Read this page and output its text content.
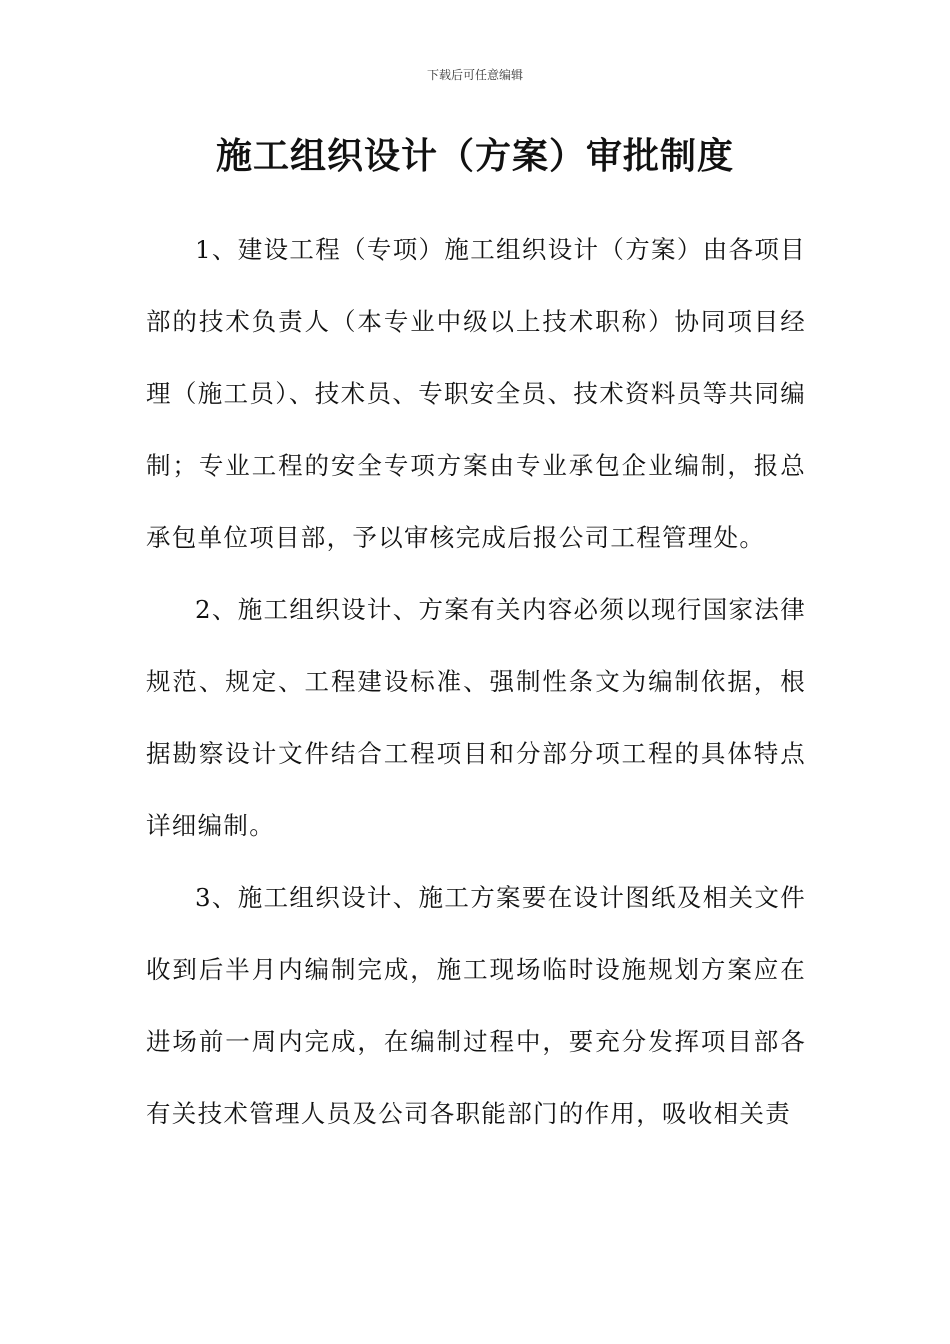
下载后可任意编辑
施工组织设计（方案）审批制度

1、建设工程（专项）施工组织设计（方案）由各项目部的技术负责人（本专业中级以上技术职称）协同项目经理（施工员）、技术员、专职安全员、技术资料员等共同编制；专业工程的安全专项方案由专业承包企业编制，报总承包单位项目部，予以审核完成后报公司工程管理处。

2、施工组织设计、方案有关内容必须以现行国家法律规范、规定、工程建设标准、强制性条文为编制依据，根据勘察设计文件结合工程项目和分部分项工程的具体特点详细编制。

3、施工组织设计、施工方案要在设计图纸及相关文件收到后半月内编制完成，施工现场临时设施规划方案应在进场前一周内完成，在编制过程中，要充分发挥项目部各有关技术管理人员及公司各职能部门的作用，吸收相关责
